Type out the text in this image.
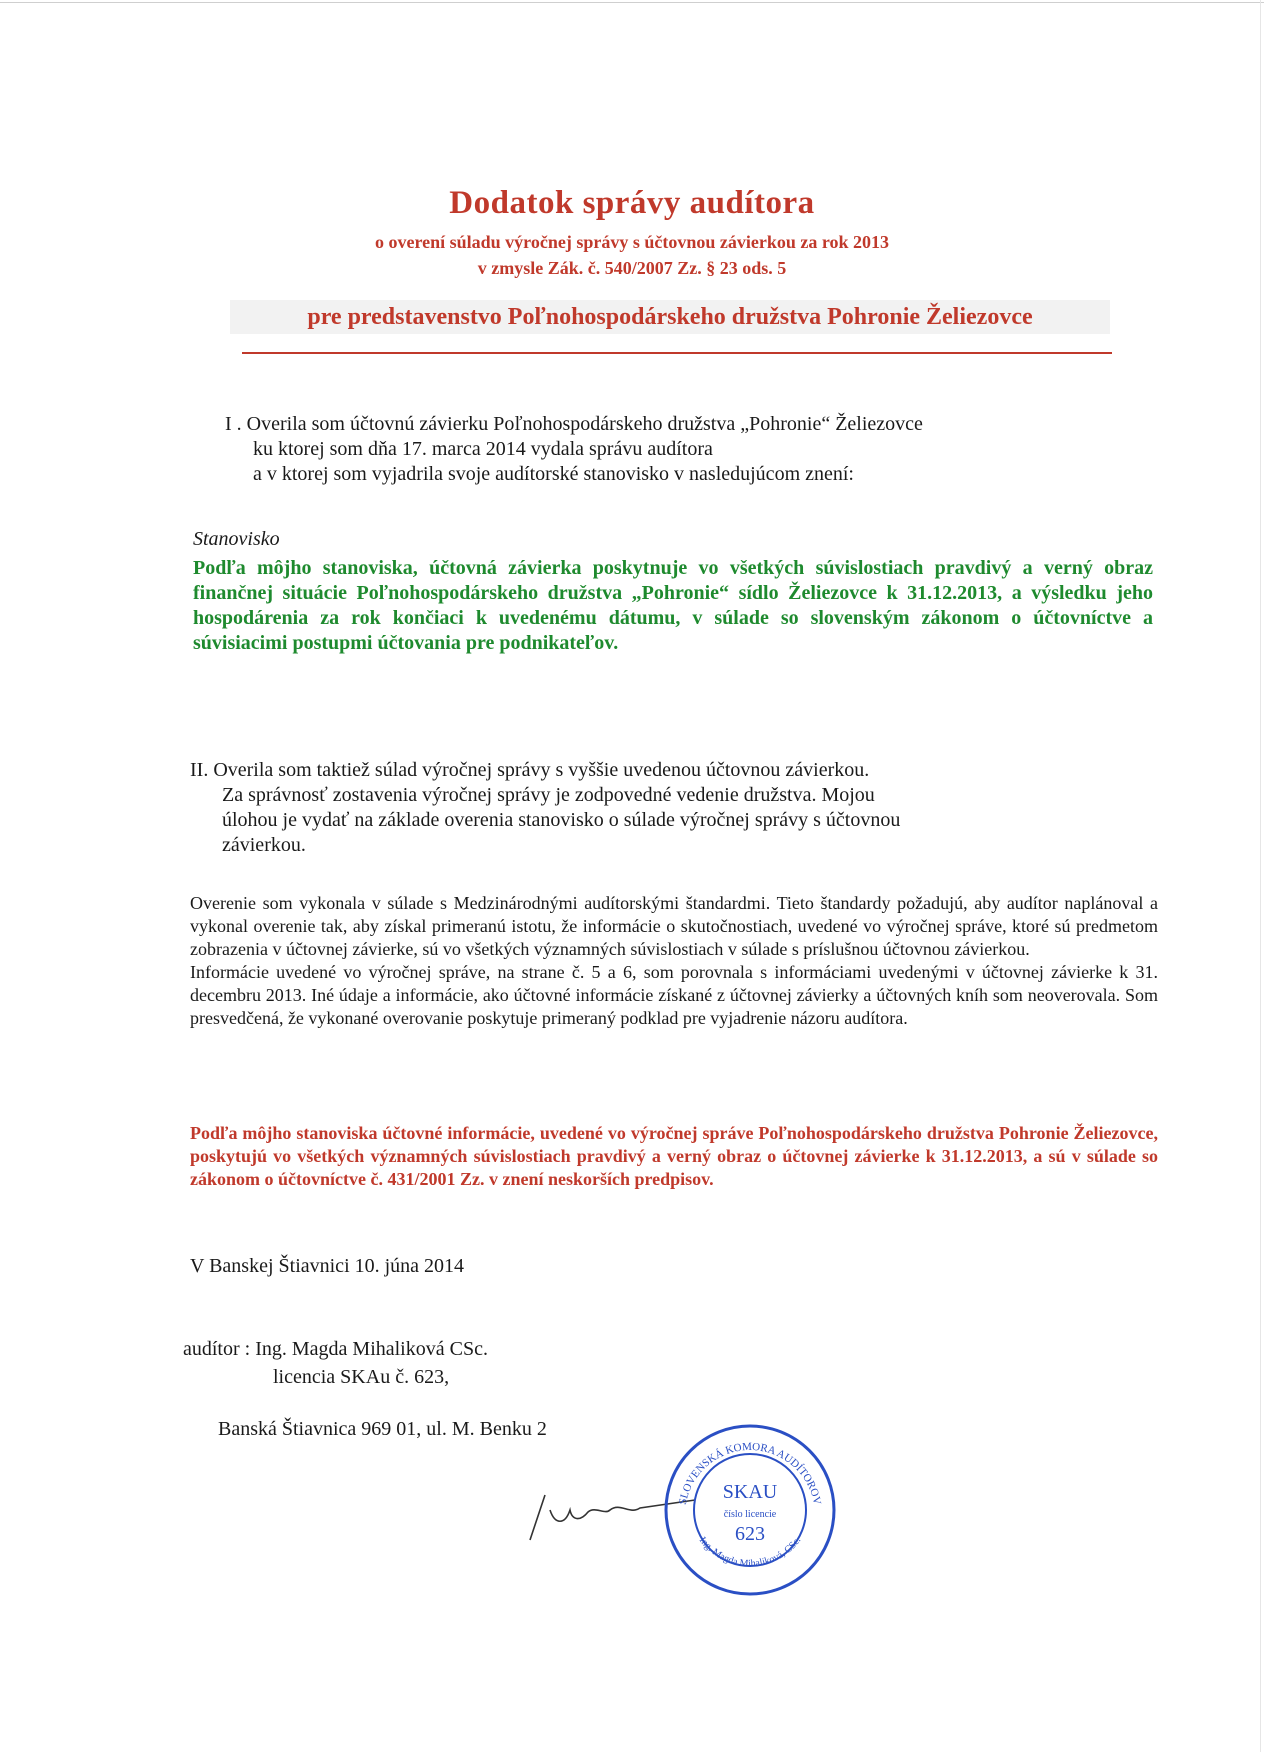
Dodatok správy audítora
o overení súladu výročnej správy s účtovnou závierkou za rok 2013
v zmysle Zák. č. 540/2007 Zz. § 23 ods. 5
pre predstavenstvo Poľnohospodárskeho družstva Pohronie Želiezovce
I . Overila som účtovnú závierku Poľnohospodárskeho družstva „Pohronie“ Želiezovce
ku ktorej som dňa 17. marca 2014 vydala správu audítora
a v ktorej som vyjadrila svoje audítorské stanovisko v nasledujúcom znení:
Stanovisko
Podľa môjho stanoviska, účtovná závierka poskytnuje vo všetkých súvislostiach pravdivý a verný obraz finančnej situácie Poľnohospodárskeho družstva „Pohronie“ sídlo Želiezovce k 31.12.2013, a výsledku jeho hospodárenia za rok končiaci k uvedenému dátumu, v súlade so slovenským zákonom o účtovníctve a súvisiacimi postupmi účtovania pre podnikateľov.
II. Overila som taktiež súlad výročnej správy s vyššie uvedenou účtovnou závierkou.
Za správnosť zostavenia výročnej správy je zodpovedné vedenie družstva. Mojou
úlohou je vydať na základe overenia stanovisko o súlade výročnej správy s účtovnou
závierkou.
Overenie som vykonala v súlade s Medzinárodnými audítorskými štandardmi. Tieto štandardy požadujú, aby audítor naplánoval a vykonal overenie tak, aby získal primeranú istotu, že informácie o skutočnostiach, uvedené vo výročnej správe, ktoré sú predmetom zobrazenia v účtovnej závierke, sú vo všetkých významných súvislostiach v súlade s príslušnou účtovnou závierkou.
Informácie uvedené vo výročnej správe, na strane č. 5 a 6, som porovnala s informáciami uvedenými v účtovnej závierke k 31. decembru 2013. Iné údaje a informácie, ako účtovné informácie získané z účtovnej závierky a účtovných kníh som neoverovala. Som presvedčená, že vykonané overovanie poskytuje primeraný podklad pre vyjadrenie názoru audítora.
Podľa môjho stanoviska účtovné informácie, uvedené vo výročnej správe Poľnohospodárskeho družstva Pohronie Želiezovce, poskytujú vo všetkých významných súvislostiach pravdivý a verný obraz o účtovnej závierke k 31.12.2013, a sú v súlade so zákonom o účtovníctve č. 431/2001 Zz. v znení neskorších predpisov.
V Banskej Štiavnici 10. júna 2014
audítor : Ing. Magda Mihaliková CSc.
licencia SKAu č. 623,
Banská Štiavnica 969 01, ul. M. Benku 2
SLOVENSKÁ KOMORA AUDÍTOROV
Ing. Magda Mihaliková, CSc.
SKAU
číslo licencie
623
